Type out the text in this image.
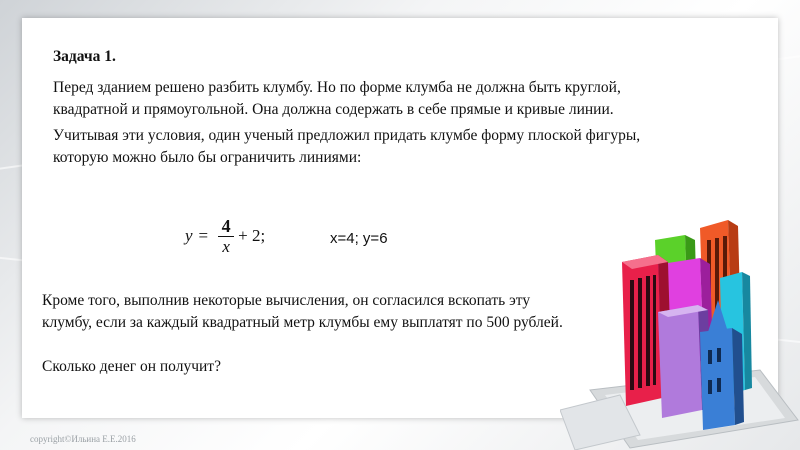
Задача 1.
Перед зданием решено разбить клумбу. Но по форме клумба не должна быть круглой, квадратной и прямоугольной. Она должна содержать в себе прямые и кривые линии.
Учитывая эти условия, один ученый предложил придать клумбе форму плоской фигуры, которую можно было бы ограничить линиями:
$y = \frac{4}{x} + 2$;	x=4; y=6
Кроме того, выполнив некоторые вычисления, он согласился вскопать эту клумбу, если за каждый квадратный метр клумбы ему выплатят по 500 рублей.
Сколько денег он получит?
copyright©Ильина Е.Е.2016
